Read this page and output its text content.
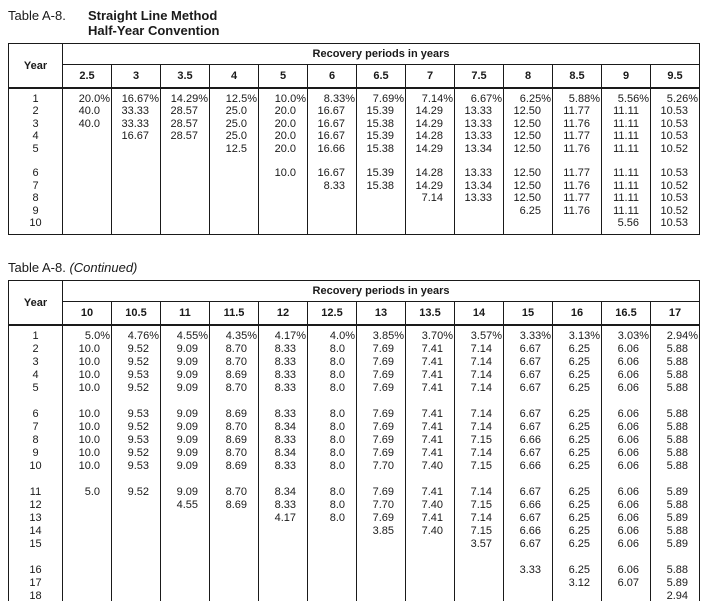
Table A-8.	Straight Line Method
Half-Year Convention
Year	Recovery periods in years												
	2.5	3	3.5	4	5	6	6.5	7	7.5	8	8.5	9	9.5
1	20.0%	16.67%	14.29%	12.5%	10.0%	8.33%	7.69%	7.14%	6.67%	6.25%	5.88%	5.56%	5.26%
2	40.0	33.33	28.57	25.0	20.0	16.67	15.39	14.29	13.33	12.50	11.77	11.11	10.53
3	40.0	33.33	28.57	25.0	20.0	16.67	15.38	14.29	13.33	12.50	11.76	11.11	10.53
4		16.67	28.57	25.0	20.0	16.67	15.39	14.28	13.33	12.50	11.77	11.11	10.53
5				12.5	20.0	16.66	15.38	14.29	13.34	12.50	11.76	11.11	10.52

6					10.0	16.67	15.39	14.28	13.33	12.50	11.77	11.11	10.53
7						8.33	15.38	14.29	13.34	12.50	11.76	11.11	10.52
8								7.14	13.33	12.50	11.77	11.11	10.53
9										6.25	11.76	11.11	10.52
10												5.56	10.53
Table A-8. (Continued)
Year	Recovery periods in years												
	10	10.5	11	11.5	12	12.5	13	13.5	14	15	16	16.5	17
1	5.0%	4.76%	4.55%	4.35%	4.17%	4.0%	3.85%	3.70%	3.57%	3.33%	3.13%	3.03%	2.94%
2	10.0	9.52	9.09	8.70	8.33	8.0	7.69	7.41	7.14	6.67	6.25	6.06	5.88
3	10.0	9.52	9.09	8.70	8.33	8.0	7.69	7.41	7.14	6.67	6.25	6.06	5.88
4	10.0	9.53	9.09	8.69	8.33	8.0	7.69	7.41	7.14	6.67	6.25	6.06	5.88
5	10.0	9.52	9.09	8.70	8.33	8.0	7.69	7.41	7.14	6.67	6.25	6.06	5.88

6	10.0	9.53	9.09	8.69	8.33	8.0	7.69	7.41	7.14	6.67	6.25	6.06	5.88
7	10.0	9.52	9.09	8.70	8.34	8.0	7.69	7.41	7.14	6.67	6.25	6.06	5.88
8	10.0	9.53	9.09	8.69	8.33	8.0	7.69	7.41	7.15	6.66	6.25	6.06	5.88
9	10.0	9.52	9.09	8.70	8.34	8.0	7.69	7.41	7.14	6.67	6.25	6.06	5.88
10	10.0	9.53	9.09	8.69	8.33	8.0	7.70	7.40	7.15	6.66	6.25	6.06	5.88

11	5.0	9.52	9.09	8.70	8.34	8.0	7.69	7.41	7.14	6.67	6.25	6.06	5.89
12			4.55	8.69	8.33	8.0	7.70	7.40	7.15	6.66	6.25	6.06	5.88
13					4.17	8.0	7.69	7.41	7.14	6.67	6.25	6.06	5.89
14							3.85	7.40	7.15	6.66	6.25	6.06	5.88
15									3.57	6.67	6.25	6.06	5.89

16										3.33	6.25	6.06	5.88
17											3.12	6.07	5.89
18													2.94
